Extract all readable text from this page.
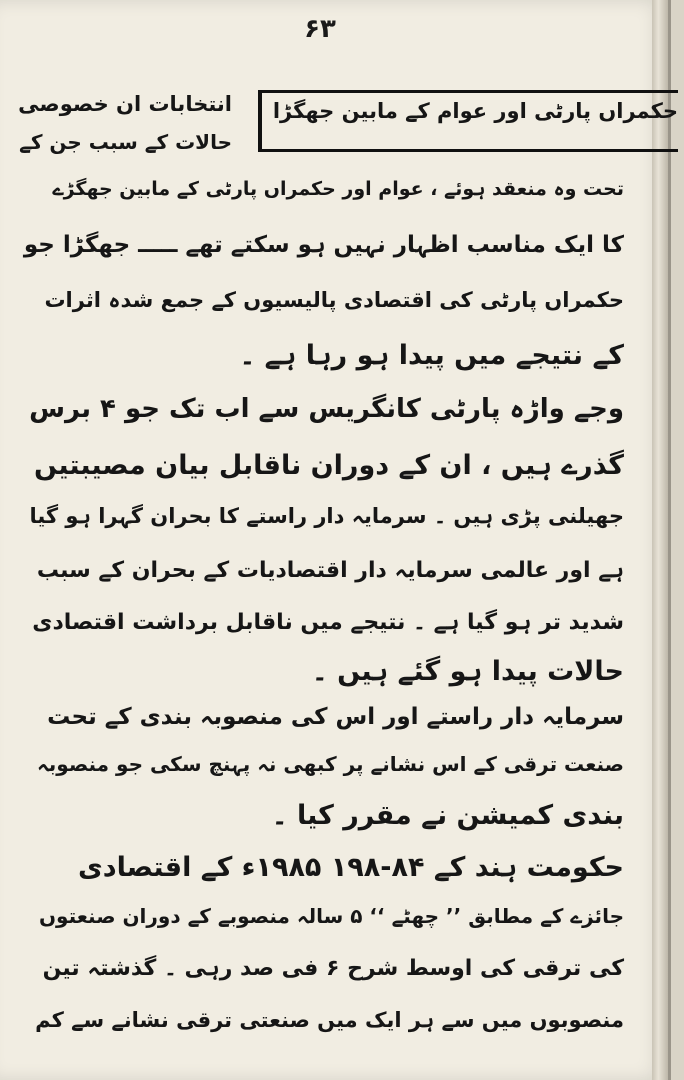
۶۳
حکمراں پارٹی اور عوام کے مابین جھگڑا
انتخابات ان خصوصی
حالات کے سبب جن کے
تحت وہ منعقد ہوئے ، عوام اور حکمراں پارٹی کے مابین جھگڑے
کا ایک مناسب اظہار نہیں ہو سکتے تھے ـــــ جھگڑا جو
حکمراں پارٹی کی اقتصادی پالیسیوں کے جمع شدہ اثرات
کے نتیجے میں پیدا ہو رہا ہے ۔
وجے واڑہ پارٹی کانگریس سے اب تک جو ۴ برس
گذرے ہیں ، ان کے دوران ناقابل بیان مصیبتیں
جھیلنی پڑی ہیں ۔ سرمایہ دار راستے کا بحران گہرا ہو گیا
ہے اور عالمی سرمایہ دار اقتصادیات کے بحران کے سبب
شدید تر ہو گیا ہے ۔ نتیجے میں ناقابل برداشت اقتصادی
حالات پیدا ہو گئے ہیں ۔
سرمایہ دار راستے اور اس کی منصوبہ بندی کے تحت
صنعت ترقی کے اس نشانے پر کبھی نہ پہنچ سکی جو منصوبہ
بندی کمیشن نے مقرر کیا ۔
حکومت ہند کے ۸۴-۱۹۸ ۱۹۸۵ء کے اقتصادی
جائزے کے مطابق ’’ چھٹے ‘‘ ۵ سالہ منصوبے کے دوران صنعتوں
کی ترقی کی اوسط شرح ۶ فی صد رہی ۔ گذشتہ تین
منصوبوں میں سے ہر ایک میں صنعتی ترقی نشانے سے کم
